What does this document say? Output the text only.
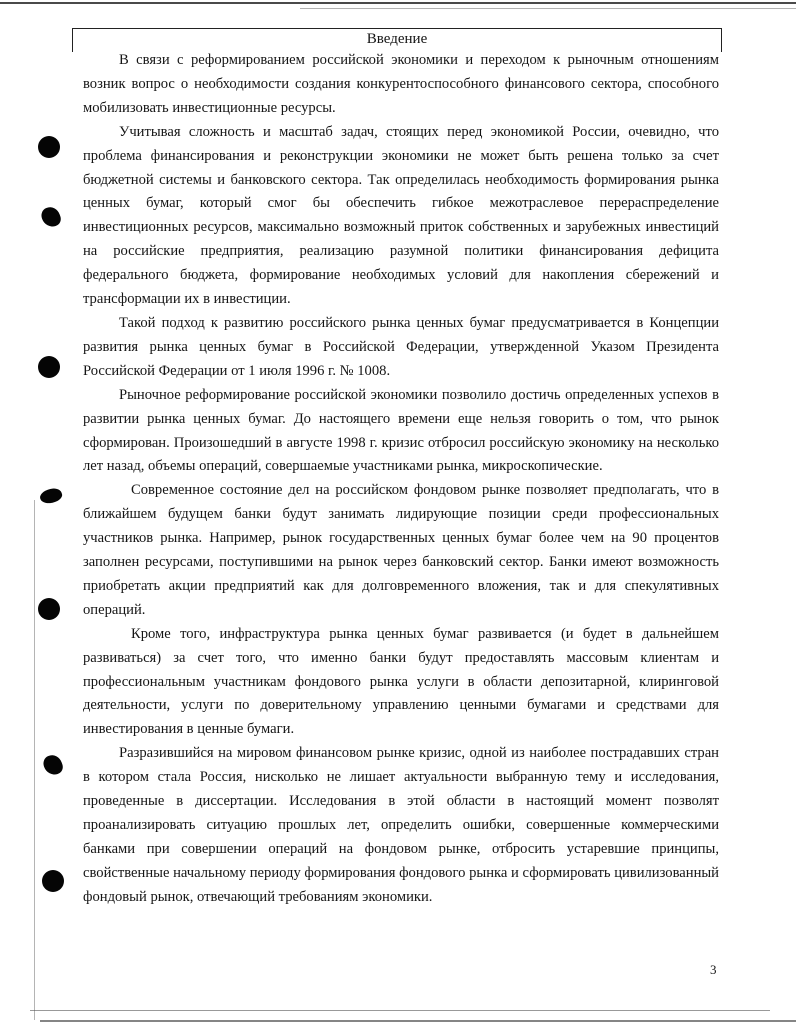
Введение

В связи с реформированием российской экономики и переходом к рыночным отношениям возник вопрос о необходимости создания конкурентоспособного финансового сектора, способного мобилизовать инвестиционные ресурсы.

Учитывая сложность и масштаб задач, стоящих перед экономикой России, очевидно, что проблема финансирования и реконструкции экономики не может быть решена только за счет бюджетной системы и банковского сектора. Так определилась необходимость формирования рынка ценных бумаг, который смог бы обеспечить гибкое межотраслевое перераспределение инвестиционных ресурсов, максимально возможный приток собственных и зарубежных инвестиций на российские предприятия, реализацию разумной политики финансирования дефицита федерального бюджета, формирование необходимых условий для накопления сбережений и трансформации их в инвестиции.

Такой подход к развитию российского рынка ценных бумаг предусматривается в Концепции развития рынка ценных бумаг в Российской Федерации, утвержденной Указом Президента Российской Федерации от 1 июля 1996 г. № 1008.

Рыночное реформирование российской экономики позволило достичь определенных успехов в развитии рынка ценных бумаг. До настоящего времени еще нельзя говорить о том, что рынок сформирован. Произошедший в августе 1998 г. кризис отбросил российскую экономику на несколько лет назад, объемы операций, совершаемые участниками рынка, микроскопические.

Современное состояние дел на российском фондовом рынке позволяет предполагать, что в ближайшем будущем банки будут занимать лидирующие позиции среди профессиональных участников рынка. Например, рынок государственных ценных бумаг более чем на 90 процентов заполнен ресурсами, поступившими на рынок через банковский сектор. Банки имеют возможность приобретать акции предприятий как для долговременного вложения, так и для спекулятивных операций.

Кроме того, инфраструктура рынка ценных бумаг развивается (и будет в дальнейшем развиваться) за счет того, что именно банки будут предоставлять массовым клиентам и профессиональным участникам фондового рынка услуги в области депозитарной, клиринговой деятельности, услуги по доверительному управлению ценными бумагами и средствами для инвестирования в ценные бумаги.

Разразившийся на мировом финансовом рынке кризис, одной из наиболее пострадавших стран в котором стала Россия, нисколько не лишает актуальности выбранную тему и исследования, проведенные в диссертации. Исследования в этой области в настоящий момент позволят проанализировать ситуацию прошлых лет, определить ошибки, совершенные коммерческими банками при совершении операций на фондовом рынке, отбросить устаревшие принципы, свойственные начальному периоду формирования фондового рынка и сформировать цивилизованный фондовый рынок, отвечающий требованиям экономики.

3
